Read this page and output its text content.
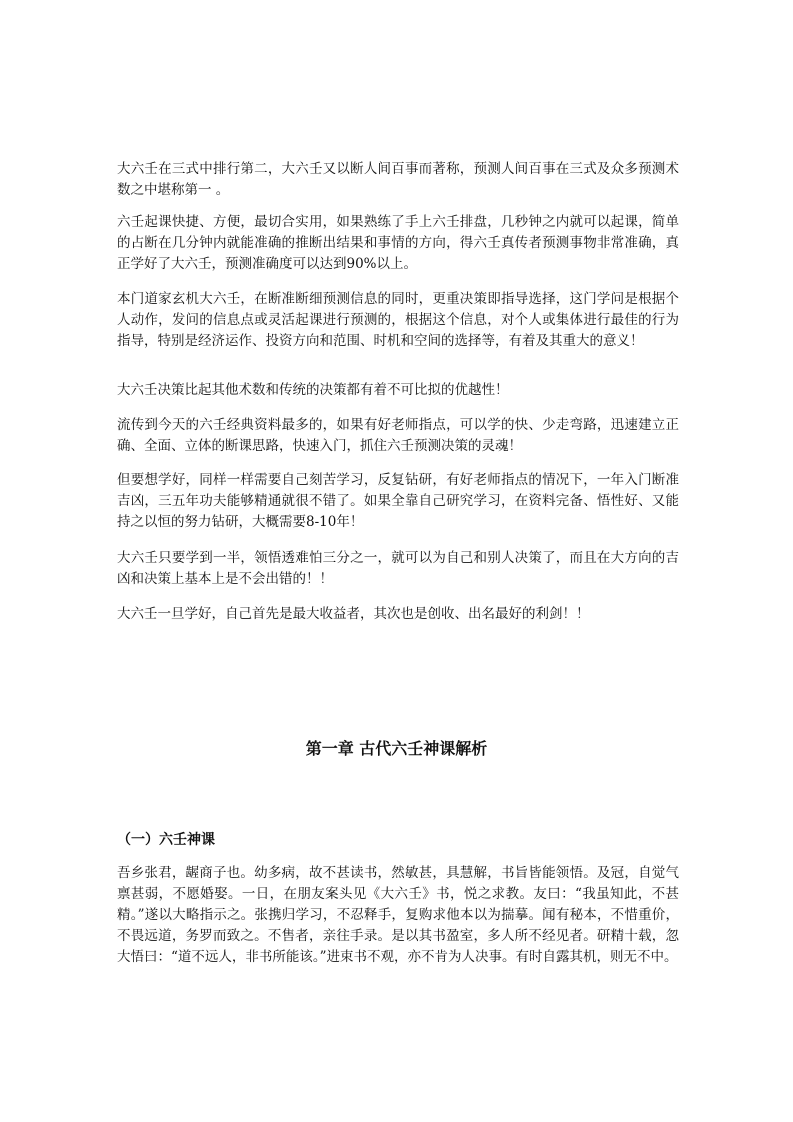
大六壬在三式中排行第二，大六壬又以断人间百事而著称，预测人间百事在三式及众多预测术数之中堪称第一 。

六壬起课快捷、方便，最切合实用，如果熟练了手上六壬排盘，几秒钟之内就可以起课，简单的占断在几分钟内就能准确的推断出结果和事情的方向，得六壬真传者预测事物非常准确，真正学好了大六壬，预测准确度可以达到90%以上。

本门道家玄机大六壬，在断准断细预测信息的同时，更重决策即指导选择，这门学问是根据个人动作，发问的信息点或灵活起课进行预测的，根据这个信息，对个人或集体进行最佳的行为指导，特别是经济运作、投资方向和范围、时机和空间的选择等，有着及其重大的意义！

大六壬决策比起其他术数和传统的决策都有着不可比拟的优越性！

流传到今天的六壬经典资料最多的，如果有好老师指点，可以学的快、少走弯路，迅速建立正确、全面、立体的断课思路，快速入门，抓住六壬预测决策的灵魂！

但要想学好，同样一样需要自己刻苦学习，反复钻研，有好老师指点的情况下，一年入门断准吉凶，三五年功夫能够精通就很不错了。如果全靠自己研究学习，在资料完备、悟性好、又能持之以恒的努力钻研，大概需要8-10年！

大六壬只要学到一半，领悟透难怕三分之一，就可以为自己和别人决策了，而且在大方向的吉凶和决策上基本上是不会出错的！！

大六壬一旦学好，自己首先是最大收益者，其次也是创收、出名最好的利剑！！

第一章 古代六壬神课解析
（一）六壬神课

吾乡张君，龌商子也。幼多病，故不甚读书，然敏甚，具慧解，书旨皆能领悟。及冠，自觉气禀甚弱，不愿婚娶。一日，在朋友案头见《大六壬》书，悦之求教。友曰：“我虽知此，不甚精。”遂以大略指示之。张携归学习，不忍释手，复购求他本以为揣摹。闻有秘本，不惜重价，不畏远道，务罗而致之。不售者，亲往手录。是以其书盈室，多人所不经见者。研精十载，忽大悟曰：“道不远人，非书所能该。”进束书不观，亦不肯为人决事。有时自露其机，则无不中。
